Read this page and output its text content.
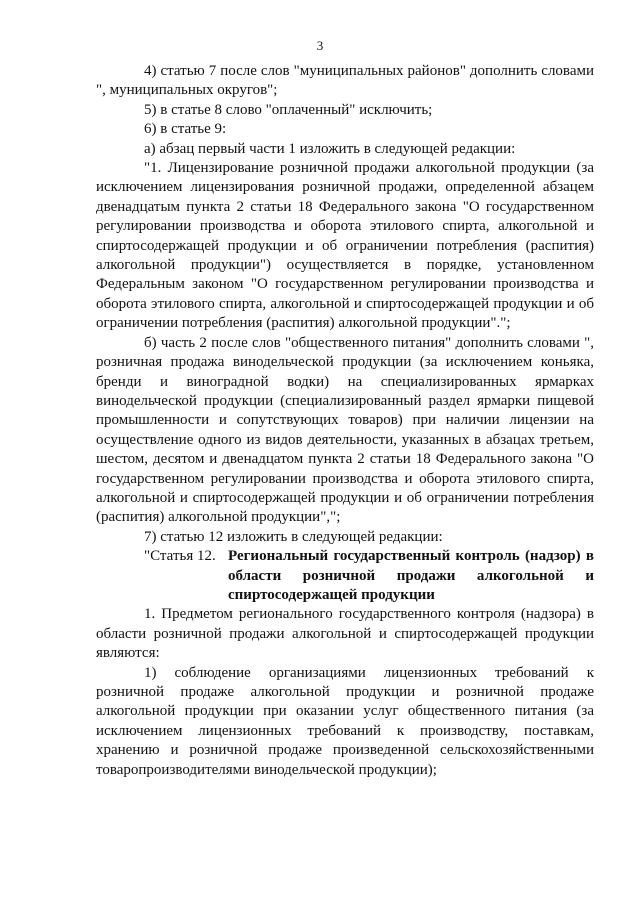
3

4) статью 7 после слов "муниципальных районов" дополнить словами ", муниципальных округов";

5) в статье 8 слово "оплаченный" исключить;

6) в статье 9:

а) абзац первый части 1 изложить в следующей редакции:

"1. Лицензирование розничной продажи алкогольной продукции (за исключением лицензирования розничной продажи, определенной абзацем двенадцатым пункта 2 статьи 18 Федерального закона "О государственном регулировании производства и оборота этилового спирта, алкогольной и спиртосодержащей продукции и об ограничении потребления (распития) алкогольной продукции") осуществляется в порядке, установленном Федеральным законом "О государственном регулировании производства и оборота этилового спирта, алкогольной и спиртосодержащей продукции и об ограничении потребления (распития) алкогольной продукции".";

б) часть 2 после слов "общественного питания" дополнить словами ", розничная продажа винодельческой продукции (за исключением коньяка, бренди и виноградной водки) на специализированных ярмарках винодельческой продукции (специализированный раздел ярмарки пищевой промышленности и сопутствующих товаров) при наличии лицензии на осуществление одного из видов деятельности, указанных в абзацах третьем, шестом, десятом и двенадцатом пункта 2 статьи 18 Федерального закона "О государственном регулировании производства и оборота этилового спирта, алкогольной и спиртосодержащей продукции и об ограничении потребления (распития) алкогольной продукции",";

7) статью 12 изложить в следующей редакции:

"Статья 12. Региональный государственный контроль (надзор) в области розничной продажи алкогольной и спиртосодержащей продукции

1. Предметом регионального государственного контроля (надзора) в области розничной продажи алкогольной и спиртосодержащей продукции являются:

1) соблюдение организациями лицензионных требований к розничной продаже алкогольной продукции и розничной продаже алкогольной продукции при оказании услуг общественного питания (за исключением лицензионных требований к производству, поставкам, хранению и розничной продаже произведенной сельскохозяйственными товаропроизводителями винодельческой продукции);
